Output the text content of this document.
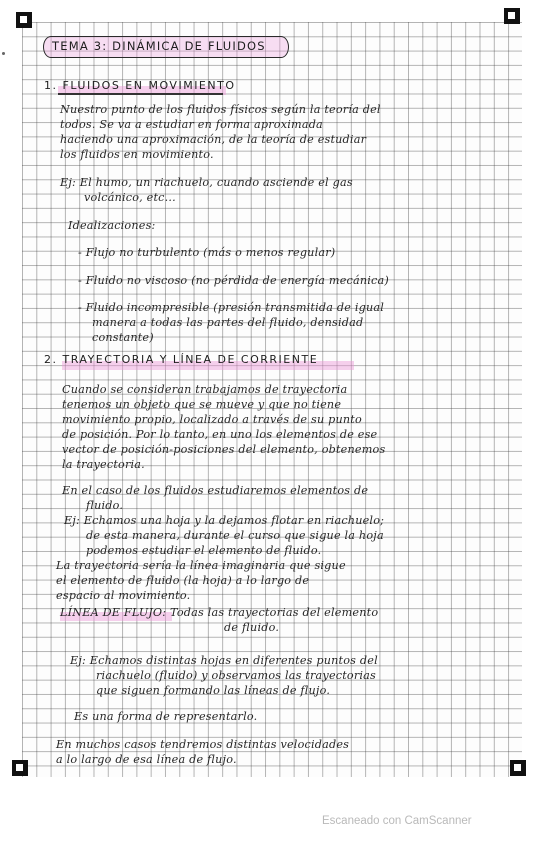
TEMA 3: DINÁMICA DE FLUIDOS
1. FLUIDOS EN MOVIMIENTO
Nuestro punto de los fluidos físicos según la teoría del
todos. Se va a estudiar en forma aproximada
haciendo una aproximación, de la teoría de estudiar
los fluidos en movimiento.
Ej: El humo, un riachuelo, cuando asciende el gas
volcánico, etc...
Idealizaciones:
- Flujo no turbulento (más o menos regular)
- Fluido no viscoso (no pérdida de energía mecánica)
- Fluido incompresible (presión transmitida de igual
manera a todas las partes del fluido, densidad
constante)
2. TRAYECTORIA Y LÍNEA DE CORRIENTE
Cuando se consideran trabajamos de trayectoria
tenemos un objeto que se mueve y que no tiene
movimiento propio, localizado a través de su punto
de posición. Por lo tanto, en uno los elementos de ese
vector de posición-posiciones del elemento, obtenemos
la trayectoria.
En el caso de los fluidos estudiaremos elementos de
fluido.
Ej: Echamos una hoja y la dejamos flotar en riachuelo;
de esta manera, durante el curso que sigue la hoja
podemos estudiar el elemento de fluido.
La trayectoria sería la línea imaginaria que sigue
el elemento de fluido (la hoja) a lo largo de
espacio al movimiento.
LÍNEA DE FLUJO: Todas las trayectorias del elemento
de fluido.
Ej: Echamos distintas hojas en diferentes puntos del
riachuelo (fluido) y observamos las trayectorias
que siguen formando las líneas de flujo.
Es una forma de representarlo.
En muchos casos tendremos distintas velocidades
a lo largo de esa línea de flujo.
Escaneado con CamScanner
